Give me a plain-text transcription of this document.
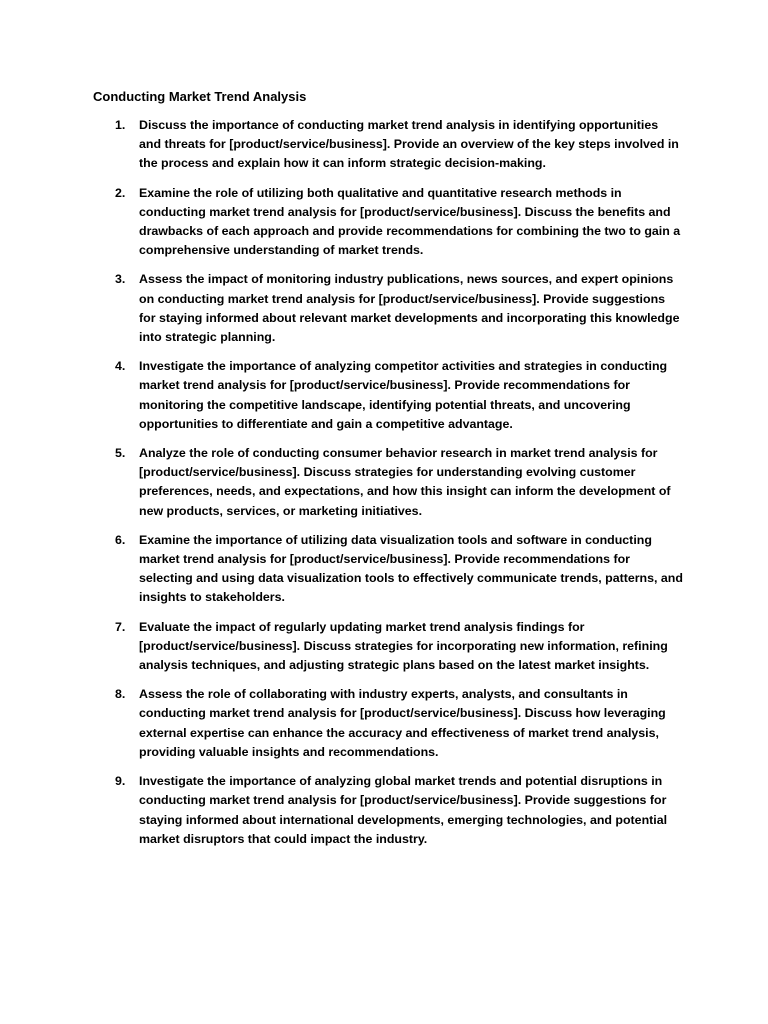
Conducting Market Trend Analysis
1.	Discuss the importance of conducting market trend analysis in identifying opportunities and threats for [product/service/business]. Provide an overview of the key steps involved in the process and explain how it can inform strategic decision-making.
2.	Examine the role of utilizing both qualitative and quantitative research methods in conducting market trend analysis for [product/service/business]. Discuss the benefits and drawbacks of each approach and provide recommendations for combining the two to gain a comprehensive understanding of market trends.
3.	Assess the impact of monitoring industry publications, news sources, and expert opinions on conducting market trend analysis for [product/service/business]. Provide suggestions for staying informed about relevant market developments and incorporating this knowledge into strategic planning.
4.	Investigate the importance of analyzing competitor activities and strategies in conducting market trend analysis for [product/service/business]. Provide recommendations for monitoring the competitive landscape, identifying potential threats, and uncovering opportunities to differentiate and gain a competitive advantage.
5.	Analyze the role of conducting consumer behavior research in market trend analysis for [product/service/business]. Discuss strategies for understanding evolving customer preferences, needs, and expectations, and how this insight can inform the development of new products, services, or marketing initiatives.
6.	Examine the importance of utilizing data visualization tools and software in conducting market trend analysis for [product/service/business]. Provide recommendations for selecting and using data visualization tools to effectively communicate trends, patterns, and insights to stakeholders.
7.	Evaluate the impact of regularly updating market trend analysis findings for [product/service/business]. Discuss strategies for incorporating new information, refining analysis techniques, and adjusting strategic plans based on the latest market insights.
8.	Assess the role of collaborating with industry experts, analysts, and consultants in conducting market trend analysis for [product/service/business]. Discuss how leveraging external expertise can enhance the accuracy and effectiveness of market trend analysis, providing valuable insights and recommendations.
9.	Investigate the importance of analyzing global market trends and potential disruptions in conducting market trend analysis for [product/service/business]. Provide suggestions for staying informed about international developments, emerging technologies, and potential market disruptors that could impact the industry.
